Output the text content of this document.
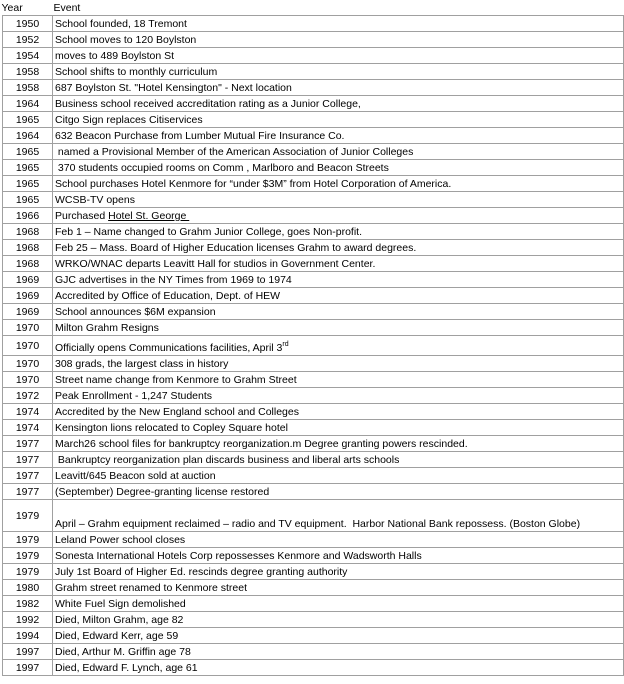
Year	Event
1950	School founded, 18 Tremont
1952	School moves to 120 Boylston
1954	moves to 489 Boylston St
1958	School shifts to monthly curriculum
1958	687 Boylston St. "Hotel Kensington" - Next location
1964	Business school received accreditation rating as a Junior College,
1965	Citgo Sign replaces Citiservices
1964	632 Beacon Purchase from Lumber Mutual Fire Insurance Co.
1965	named a Provisional Member of the American Association of Junior Colleges
1965	370 students occupied rooms on Comm , Marlboro and Beacon Streets
1965	School purchases Hotel Kenmore for “under $3M” from Hotel Corporation of America.
1965	WCSB-TV opens
1966	Purchased Hotel St. George
1968	Feb 1 – Name changed to Grahm Junior College, goes Non-profit.
1968	Feb 25 – Mass. Board of Higher Education licenses Grahm to award degrees.
1968	WRKO/WNAC departs Leavitt Hall for studios in Government Center.
1969	GJC advertises in the NY Times from 1969 to 1974
1969	Accredited by Office of Education, Dept. of HEW
1969	School announces $6M expansion
1970	Milton Grahm Resigns
1970	Officially opens Communications facilities, April 3rd
1970	308 grads, the largest class in history
1970	Street name change from Kenmore to Grahm Street
1972	Peak Enrollment - 1,247 Students
1974	Accredited by the New England school and Colleges
1974	Kensington lions relocated to Copley Square hotel
1977	March26 school files for bankruptcy reorganization.m Degree granting powers rescinded.
1977	Bankruptcy reorganization plan discards business and liberal arts schools
1977	Leavitt/645 Beacon sold at auction
1977	(September) Degree-granting license restored
1979	April – Grahm equipment reclaimed – radio and TV equipment.  Harbor National Bank repossess. (Boston Globe)
1979	Leland Power school closes
1979	Sonesta International Hotels Corp repossesses Kenmore and Wadsworth Halls
1979	July 1st Board of Higher Ed. rescinds degree granting authority
1980	Grahm street renamed to Kenmore street
1982	White Fuel Sign demolished
1992	Died, Milton Grahm, age 82
1994	Died, Edward Kerr, age 59
1997	Died, Arthur M. Griffin age 78
1997	Died, Edward F. Lynch, age 61
